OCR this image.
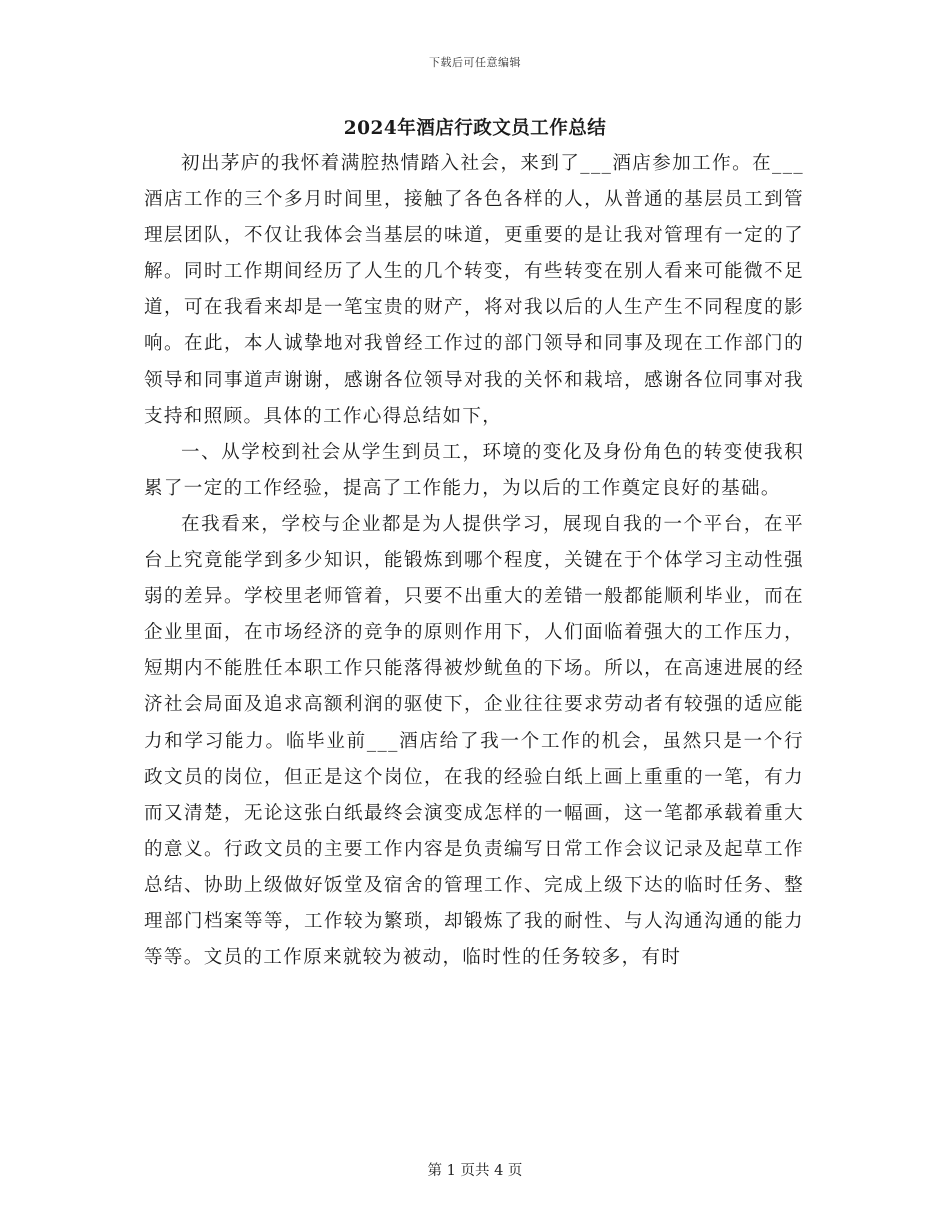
下载后可任意编辑
2024年酒店行政文员工作总结

初出茅庐的我怀着满腔热情踏入社会，来到了___酒店参加工作。在___酒店工作的三个多月时间里，接触了各色各样的人，从普通的基层员工到管理层团队，不仅让我体会当基层的味道，更重要的是让我对管理有一定的了解。同时工作期间经历了人生的几个转变，有些转变在别人看来可能微不足道，可在我看来却是一笔宝贵的财产，将对我以后的人生产生不同程度的影响。在此，本人诚挚地对我曾经工作过的部门领导和同事及现在工作部门的领导和同事道声谢谢，感谢各位领导对我的关怀和栽培，感谢各位同事对我支持和照顾。具体的工作心得总结如下，

一、从学校到社会从学生到员工，环境的变化及身份角色的转变使我积累了一定的工作经验，提高了工作能力，为以后的工作奠定良好的基础。

在我看来，学校与企业都是为人提供学习，展现自我的一个平台，在平台上究竟能学到多少知识，能锻炼到哪个程度，关键在于个体学习主动性强弱的差异。学校里老师管着，只要不出重大的差错一般都能顺利毕业，而在企业里面，在市场经济的竞争的原则作用下，人们面临着强大的工作压力，短期内不能胜任本职工作只能落得被炒鱿鱼的下场。所以，在高速进展的经济社会局面及追求高额利润的驱使下，企业往往要求劳动者有较强的适应能力和学习能力。临毕业前___酒店给了我一个工作的机会，虽然只是一个行政文员的岗位，但正是这个岗位，在我的经验白纸上画上重重的一笔，有力而又清楚，无论这张白纸最终会演变成怎样的一幅画，这一笔都承载着重大的意义。行政文员的主要工作内容是负责编写日常工作会议记录及起草工作总结、协助上级做好饭堂及宿舍的管理工作、完成上级下达的临时任务、整理部门档案等等，工作较为繁琐，却锻炼了我的耐性、与人沟通沟通的能力等等。文员的工作原来就较为被动，临时性的任务较多，有时

第 1 页共 4 页
